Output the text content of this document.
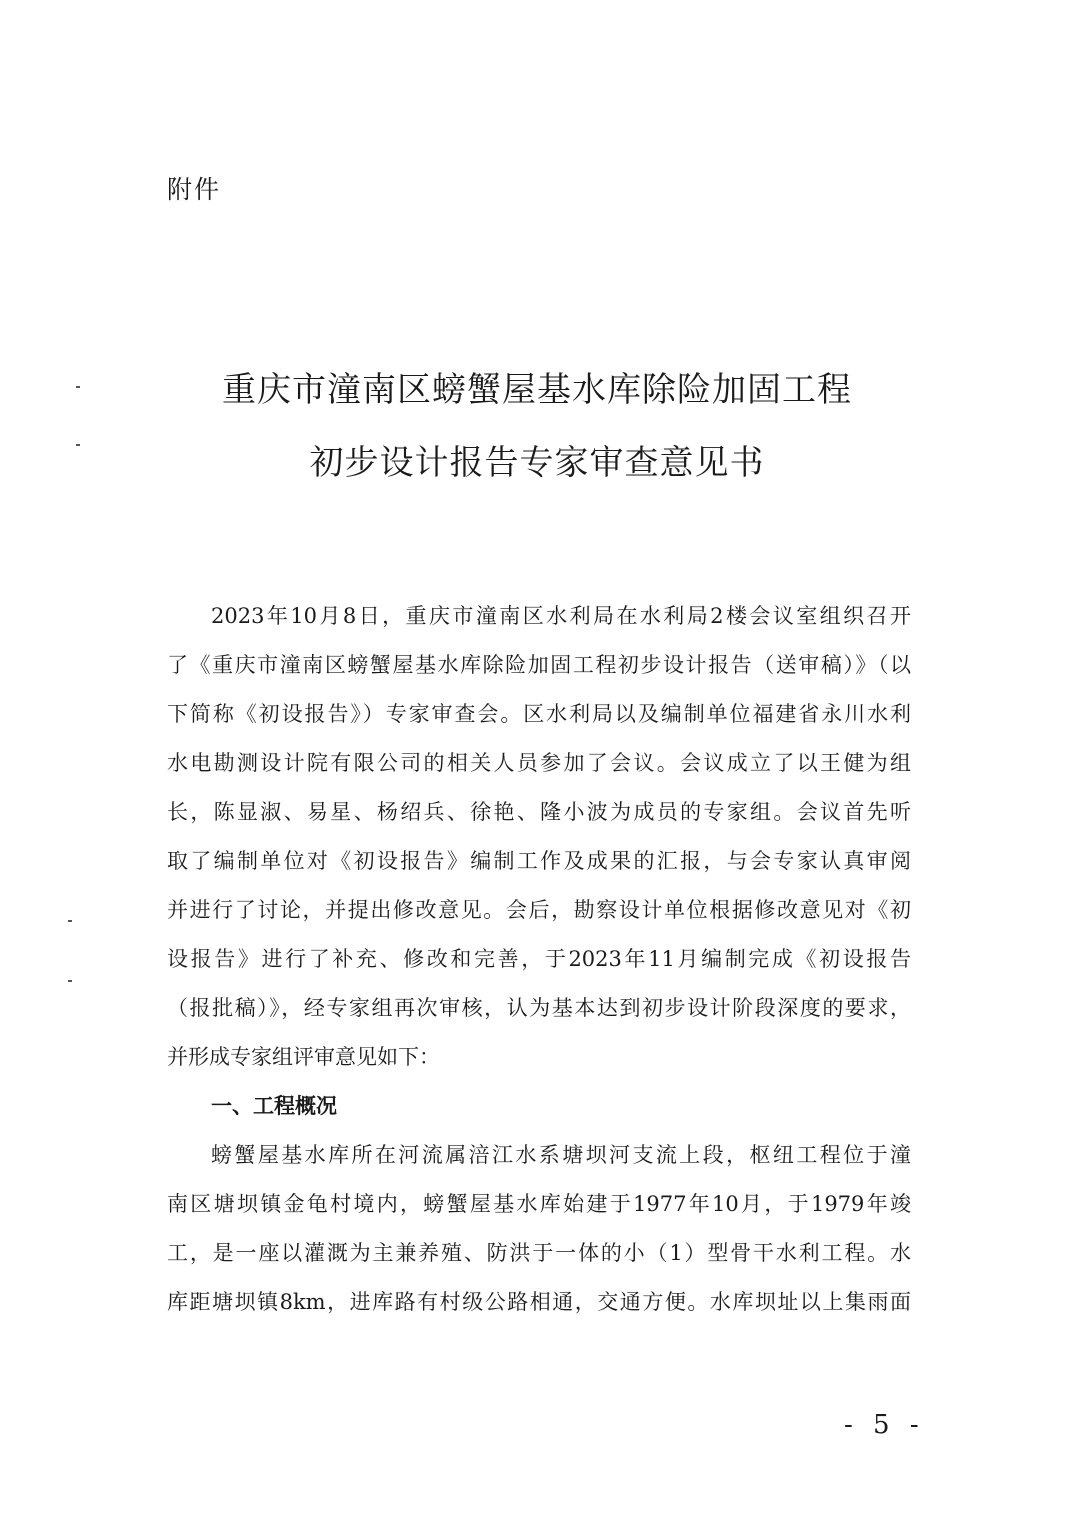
附件
重庆市潼南区螃蟹屋基水库除险加固工程
初步设计报告专家审查意见书
2023年10月8日，重庆市潼南区水利局在水利局2楼会议室组织召开
了《重庆市潼南区螃蟹屋基水库除险加固工程初步设计报告（送审稿）》（以
下简称《初设报告》）专家审查会。区水利局以及编制单位福建省永川水利
水电勘测设计院有限公司的相关人员参加了会议。会议成立了以王健为组
长，陈显淑、易星、杨绍兵、徐艳、隆小波为成员的专家组。会议首先听
取了编制单位对《初设报告》编制工作及成果的汇报，与会专家认真审阅
并进行了讨论，并提出修改意见。会后，勘察设计单位根据修改意见对《初
设报告》进行了补充、修改和完善，于2023年11月编制完成《初设报告
（报批稿）》，经专家组再次审核，认为基本达到初步设计阶段深度的要求，
并形成专家组评审意见如下：
一、工程概况
螃蟹屋基水库所在河流属涪江水系塘坝河支流上段，枢纽工程位于潼
南区塘坝镇金龟村境内，螃蟹屋基水库始建于1977年10月，于1979年竣
工，是一座以灌溉为主兼养殖、防洪于一体的小（1）型骨干水利工程。水
库距塘坝镇8km，进库路有村级公路相通，交通方便。水库坝址以上集雨面
- 5 -
